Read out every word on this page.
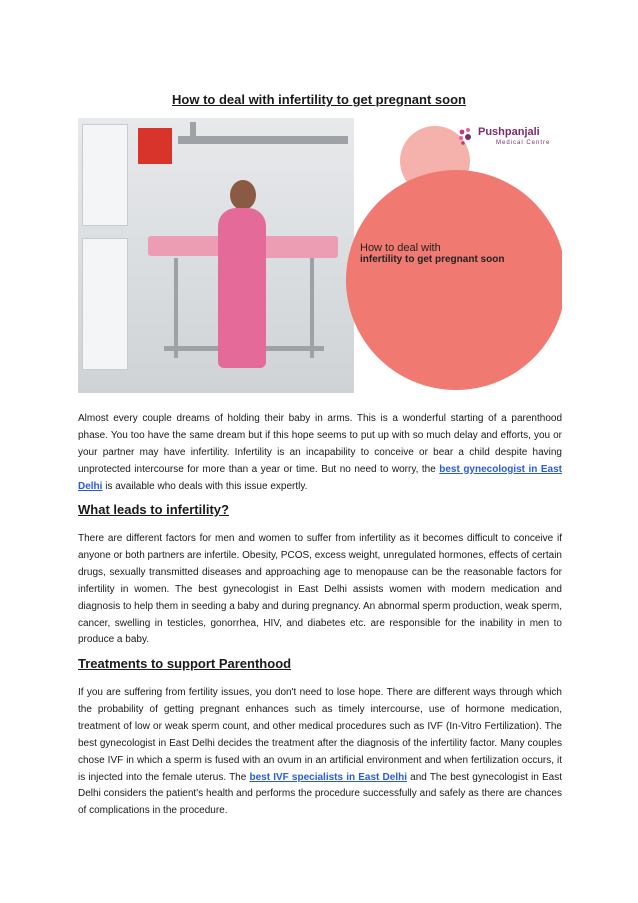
How to deal with infertility to get pregnant soon
Pushpanjali
Medical Centre
How to deal with
infertility to get pregnant soon
Almost every couple dreams of holding their baby in arms. This is a wonderful starting of a parenthood phase. You too have the same dream but if this hope seems to put up with so much delay and efforts, you or your partner may have infertility. Infertility is an incapability to conceive or bear a child despite having unprotected intercourse for more than a year or time. But no need to worry, the best gynecologist in East Delhi is available who deals with this issue expertly.
What leads to infertility?
There are different factors for men and women to suffer from infertility as it becomes difficult to conceive if anyone or both partners are infertile. Obesity, PCOS, excess weight, unregulated hormones, effects of certain drugs, sexually transmitted diseases and approaching age to menopause can be the reasonable factors for infertility in women. The best gynecologist in East Delhi assists women with modern medication and diagnosis to help them in seeding a baby and during pregnancy. An abnormal sperm production, weak sperm, cancer, swelling in testicles, gonorrhea, HIV, and diabetes etc. are responsible for the inability in men to produce a baby.
Treatments to support Parenthood
If you are suffering from fertility issues, you don't need to lose hope. There are different ways through which the probability of getting pregnant enhances such as timely intercourse, use of hormone medication, treatment of low or weak sperm count, and other medical procedures such as IVF (In-Vitro Fertilization). The best gynecologist in East Delhi decides the treatment after the diagnosis of the infertility factor. Many couples chose IVF in which a sperm is fused with an ovum in an artificial environment and when fertilization occurs, it is injected into the female uterus. The best IVF specialists in East Delhi and The best gynecologist in East Delhi considers the patient's health and performs the procedure successfully and safely as there are chances of complications in the procedure.
